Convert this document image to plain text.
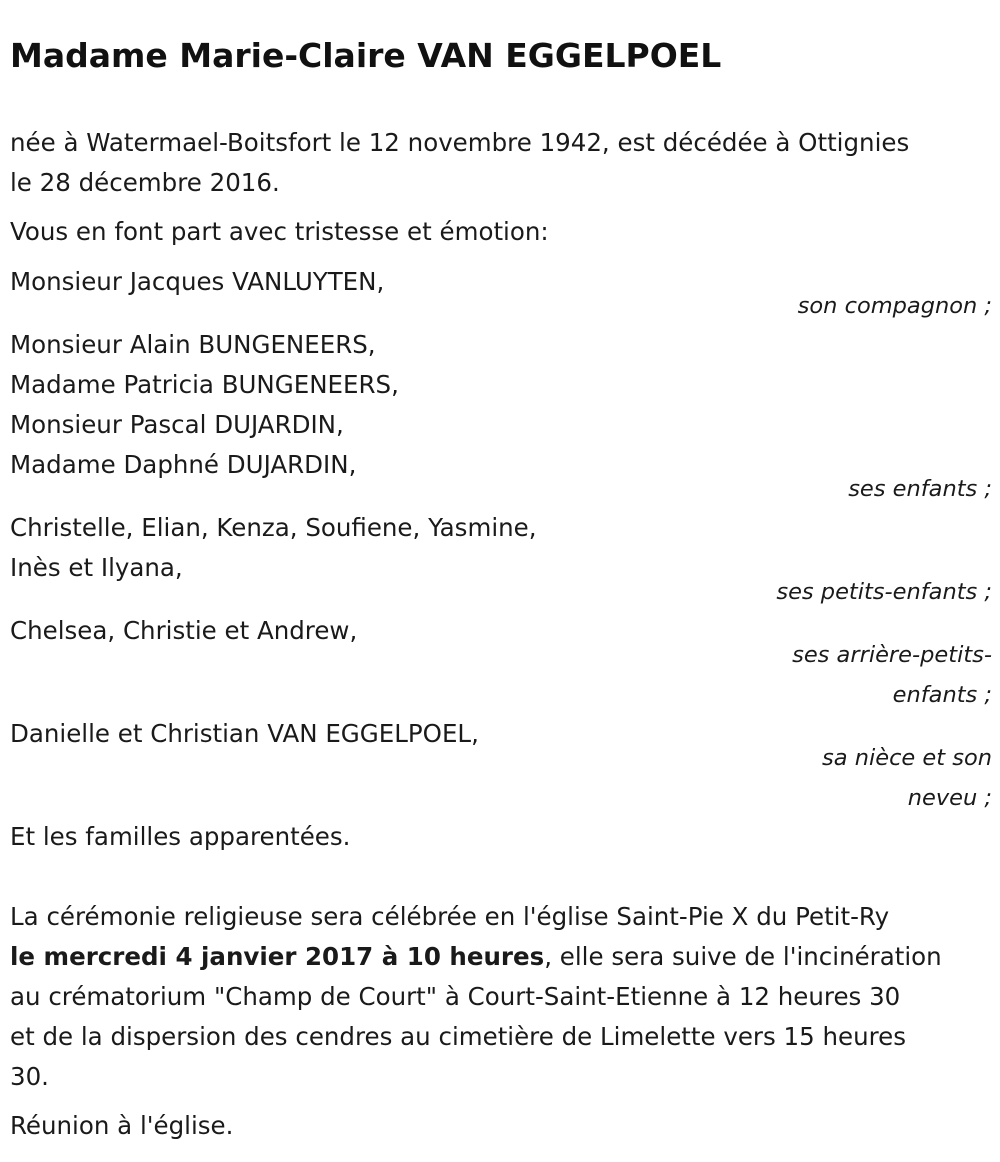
Madame Marie-Claire VAN EGGELPOEL
née à Watermael-Boitsfort le 12 novembre 1942, est décédée à Ottignies
le 28 décembre 2016.
Vous en font part avec tristesse et émotion:
Monsieur Jacques VANLUYTEN,
son compagnon ;
Monsieur Alain BUNGENEERS,
Madame Patricia BUNGENEERS,
Monsieur Pascal DUJARDIN,
Madame Daphné DUJARDIN,
ses enfants ;
Christelle, Elian, Kenza, Soufiene, Yasmine,
Inès et Ilyana,
ses petits-enfants ;
Chelsea, Christie et Andrew,
ses arrière-petits-
enfants ;
Danielle et Christian VAN EGGELPOEL,
sa nièce et son
neveu ;
Et les familles apparentées.
La cérémonie religieuse sera célébrée en l'église Saint-Pie X du Petit-Ry
le mercredi 4 janvier 2017 à 10 heures, elle sera suive de l'incinération
au crématorium "Champ de Court" à Court-Saint-Etienne à 12 heures 30
et de la dispersion des cendres au cimetière de Limelette vers 15 heures
30.
Réunion à l'église.
